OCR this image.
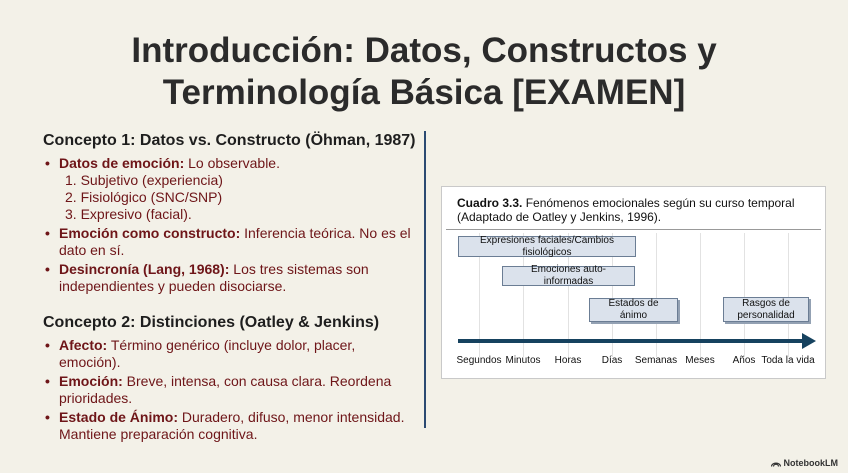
Introducción: Datos, Constructos y
Terminología Básica [EXAMEN]

Concepto 1: Datos vs. Constructo (Öhman, 1987)

• Datos de emoción: Lo observable.
1. Subjetivo (experiencia)
2. Fisiológico (SNC/SNP)
3. Expresivo (facial).
• Emoción como constructo: Inferencia teórica. No es el dato en sí.
• Desincronía (Lang, 1968): Los tres sistemas son independientes y pueden disociarse.

Concepto 2: Distinciones (Oatley & Jenkins)

• Afecto: Término genérico (incluye dolor, placer, emoción).
• Emoción: Breve, intensa, con causa clara. Reordena prioridades.
• Estado de Ánimo: Duradero, difuso, menor intensidad. Mantiene preparación cognitiva.
Cuadro 3.3. Fenómenos emocionales según su curso temporal (Adaptado de Oatley y Jenkins, 1996).
Expresiones faciales/Cambios fisiológicos
Emociones auto-informadas
Estados de ánimo
Rasgos de personalidad
Segundos Minutos Horas Días Semanas Meses Años Toda la vida
NotebookLM
